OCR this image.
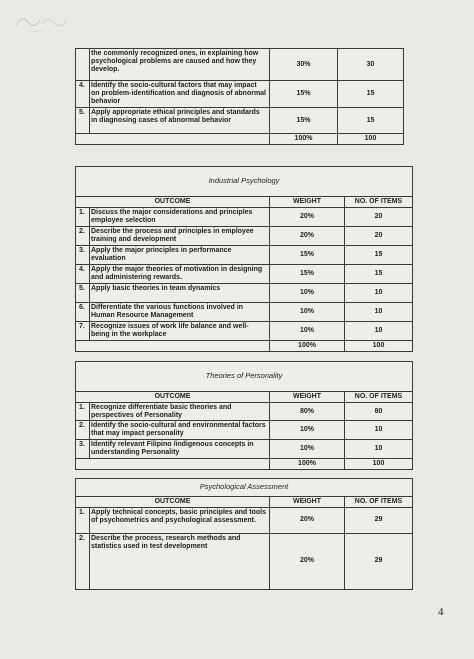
	the commonly recognized ones, in explaining how psychological problems are caused and how they develop.	30%	30
4.	Identify the socio-cultural factors that may impact on problem-identification and diagnosis of abnormal behavior	15%	15
5.	Apply appropriate ethical principles and standards in diagnosing cases of abnormal behavior	15%	15
		100%	100
Industrial Psychology			
OUTCOME		WEIGHT	NO. OF ITEMS
1.	Discuss the major considerations and principles employee selection	20%	20
2.	Describe the process and principles in employee training and development	20%	20
3.	Apply the major principles in performance evaluation	15%	15
4.	Apply the major theories of motivation in designing and administering rewards.	15%	15
5.	Apply basic theories in team dynamics	10%	10
6.	Differentiate the various functions involved in Human Resource Management	10%	10
7.	Recognize issues of work life balance and well-being in the workplace	10%	10
		100%	100
Theories of Personality			
OUTCOME		WEIGHT	NO. OF ITEMS
1.	Recognize differentiate basic theories and perspectives of Personality	80%	80
2.	Identify the socio-cultural and environmental factors that may impact personality	10%	10
3.	Identify relevant Filipino /indigenous concepts in understanding Personality	10%	10
		100%	100
Psychological Assessment			
OUTCOME		WEIGHT	NO. OF ITEMS
1.	Apply technical concepts, basic principles and tools of psychometrics and psychological assessment.	20%	29
2.	Describe the process, research methods and statistics used in test development	20%	29
4
